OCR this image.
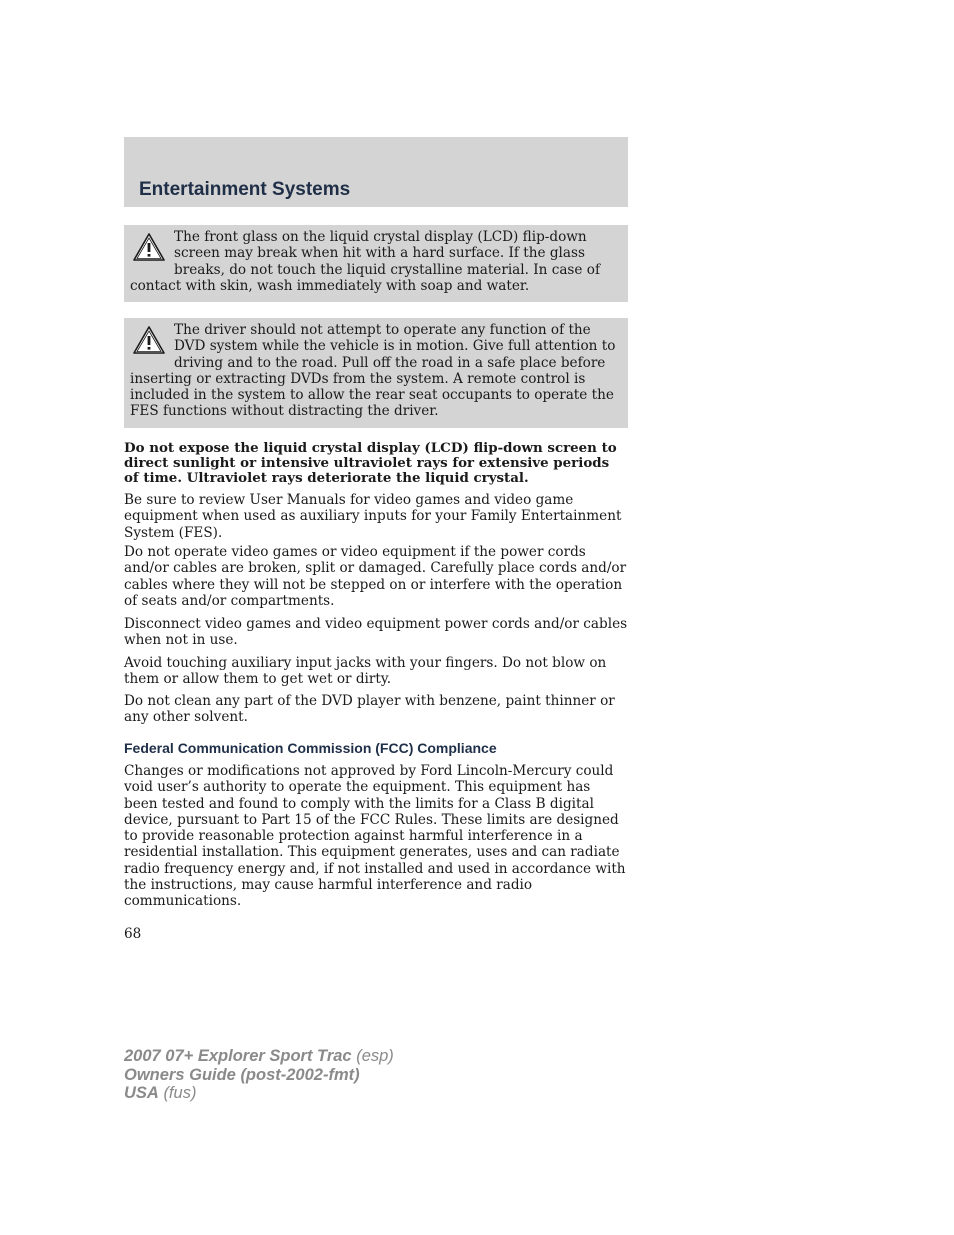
Entertainment Systems

The front glass on the liquid crystal display (LCD) flip-down screen may break when hit with a hard surface. If the glass breaks, do not touch the liquid crystalline material. In case of contact with skin, wash immediately with soap and water.

The driver should not attempt to operate any function of the DVD system while the vehicle is in motion. Give full attention to driving and to the road. Pull off the road in a safe place before inserting or extracting DVDs from the system. A remote control is included in the system to allow the rear seat occupants to operate the FES functions without distracting the driver.

Do not expose the liquid crystal display (LCD) flip-down screen to direct sunlight or intensive ultraviolet rays for extensive periods of time. Ultraviolet rays deteriorate the liquid crystal.

Be sure to review User Manuals for video games and video game equipment when used as auxiliary inputs for your Family Entertainment System (FES).

Do not operate video games or video equipment if the power cords and/or cables are broken, split or damaged. Carefully place cords and/or cables where they will not be stepped on or interfere with the operation of seats and/or compartments.

Disconnect video games and video equipment power cords and/or cables when not in use.

Avoid touching auxiliary input jacks with your fingers. Do not blow on them or allow them to get wet or dirty.

Do not clean any part of the DVD player with benzene, paint thinner or any other solvent.

Federal Communication Commission (FCC) Compliance

Changes or modifications not approved by Ford Lincoln-Mercury could void user’s authority to operate the equipment. This equipment has been tested and found to comply with the limits for a Class B digital device, pursuant to Part 15 of the FCC Rules. These limits are designed to provide reasonable protection against harmful interference in a residential installation. This equipment generates, uses and can radiate radio frequency energy and, if not installed and used in accordance with the instructions, may cause harmful interference and radio communications.

68
2007 07+ Explorer Sport Trac (esp)
Owners Guide (post-2002-fmt)
USA (fus)
